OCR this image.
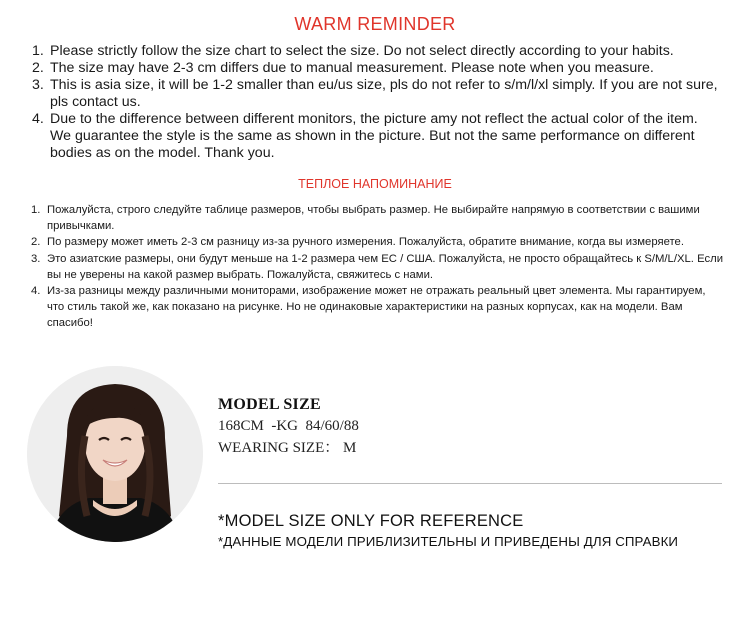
WARM REMINDER
1. Please strictly follow the size chart to select the size. Do not select directly according to your habits.
2. The size may have 2-3 cm differs due to manual measurement. Please note when you measure.
3. This is asia size, it will be 1-2 smaller than eu/us size, pls do not refer to s/m/l/xl simply. If you are not sure, pls contact us.
4. Due to the difference between different monitors, the picture amy not reflect the actual color of the item. We guarantee the style is the same as shown in the picture. But not the same performance on different bodies as on the model. Thank you.
ТЕПЛОЕ НАПОМИНАНИЕ
1. Пожалуйста, строго следуйте таблице размеров, чтобы выбрать размер. Не выбирайте напрямую в соответствии с вашими привычками.
2. По размеру может иметь 2-3 см разницу из-за ручного измерения. Пожалуйста, обратите внимание, когда вы измеряете.
3. Это азиатские размеры, они будут меньше на 1-2 размера чем ЕС / США. Пожалуйста, не просто обращайтесь к S/M/L/XL. Если вы не уверены на какой размер выбрать. Пожалуйста, свяжитесь с нами.
4. Из-за разницы между различными мониторами, изображение может не отражать реальный цвет элемента. Мы гарантируем, что стиль такой же, как показано на рисунке. Но не одинаковые характеристики на разных корпусах, как на модели. Вам спасибо!
MODEL SIZE
168CM  -KG  84/60/88
WEARING SIZE： M
*MODEL SIZE ONLY FOR REFERENCE
*ДАННЫЕ МОДЕЛИ ПРИБЛИЗИТЕЛЬНЫ И ПРИВЕДЕНЫ ДЛЯ СПРАВКИ
